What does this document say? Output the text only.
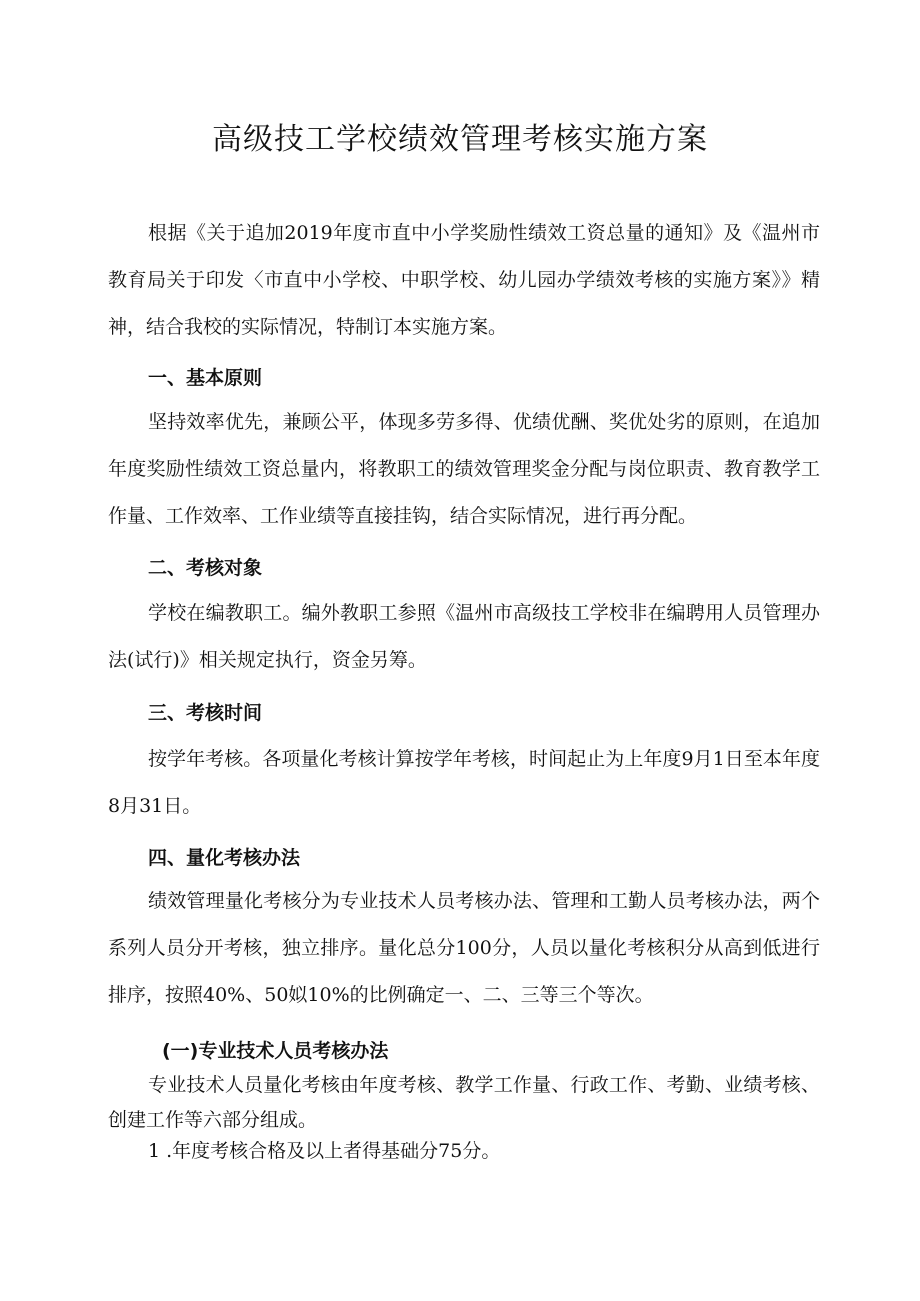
高级技工学校绩效管理考核实施方案

根据《关于追加2019年度市直中小学奖励性绩效工资总量的通知》及《温州市教育局关于印发〈市直中小学校、中职学校、幼儿园办学绩效考核的实施方案》》精神，结合我校的实际情况，特制订本实施方案。

一、基本原则

坚持效率优先，兼顾公平，体现多劳多得、优绩优酬、奖优处劣的原则，在追加年度奖励性绩效工资总量内，将教职工的绩效管理奖金分配与岗位职责、教育教学工作量、工作效率、工作业绩等直接挂钩，结合实际情况，进行再分配。

二、考核对象

学校在编教职工。编外教职工参照《温州市高级技工学校非在编聘用人员管理办法(试行)》相关规定执行，资金另筹。

三、考核时间

按学年考核。各项量化考核计算按学年考核，时间起止为上年度9月1日至本年度8月31日。

四、量化考核办法

绩效管理量化考核分为专业技术人员考核办法、管理和工勤人员考核办法，两个系列人员分开考核，独立排序。量化总分100分，人员以量化考核积分从高到低进行排序，按照40%、50姒10%的比例确定一、二、三等三个等次。

(一)专业技术人员考核办法

专业技术人员量化考核由年度考核、教学工作量、行政工作、考勤、业绩考核、创建工作等六部分组成。

1 .年度考核合格及以上者得基础分75分。
